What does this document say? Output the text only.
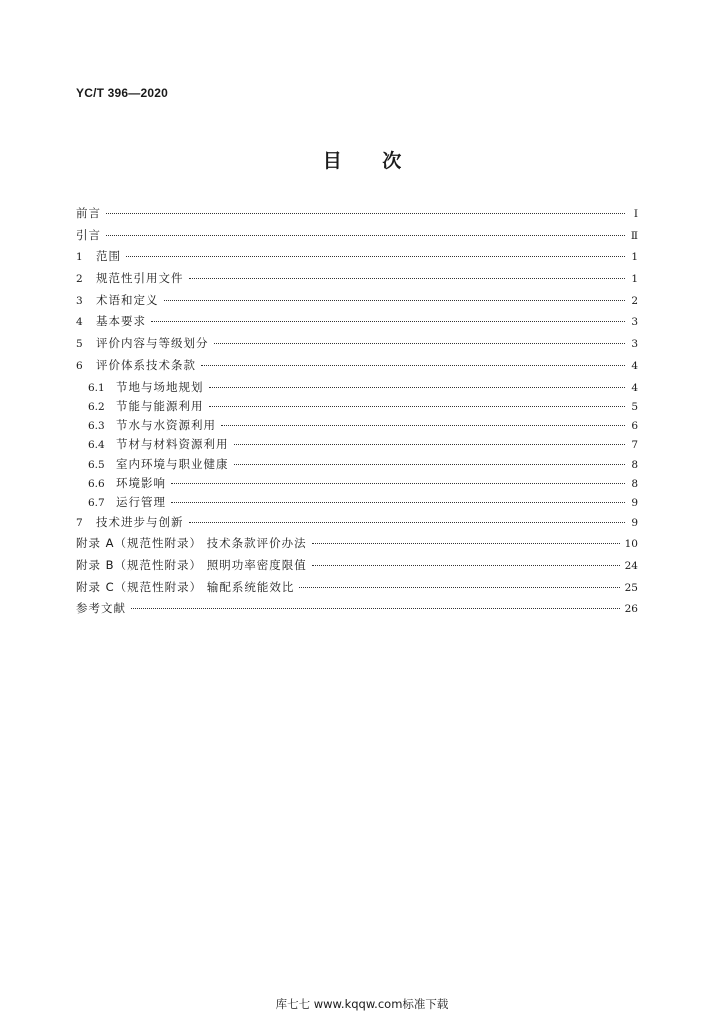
YC/T 396—2020
目 次
前言	Ⅰ
引言	Ⅱ
1	范围	1
2	规范性引用文件	1
3	术语和定义	2
4	基本要求	3
5	评价内容与等级划分	3
6	评价体系技术条款	4
6.1 节地与场地规划	4
6.2 节能与能源利用	5
6.3 节水与水资源利用	6
6.4 节材与材料资源利用	7
6.5 室内环境与职业健康	8
6.6 环境影响	8
6.7 运行管理	9
7	技术进步与创新	9
附录 A（规范性附录） 技术条款评价办法	10
附录 B（规范性附录） 照明功率密度限值	24
附录 C（规范性附录） 输配系统能效比	25
参考文献	26
库七七 www.kqqw.com标准下载
